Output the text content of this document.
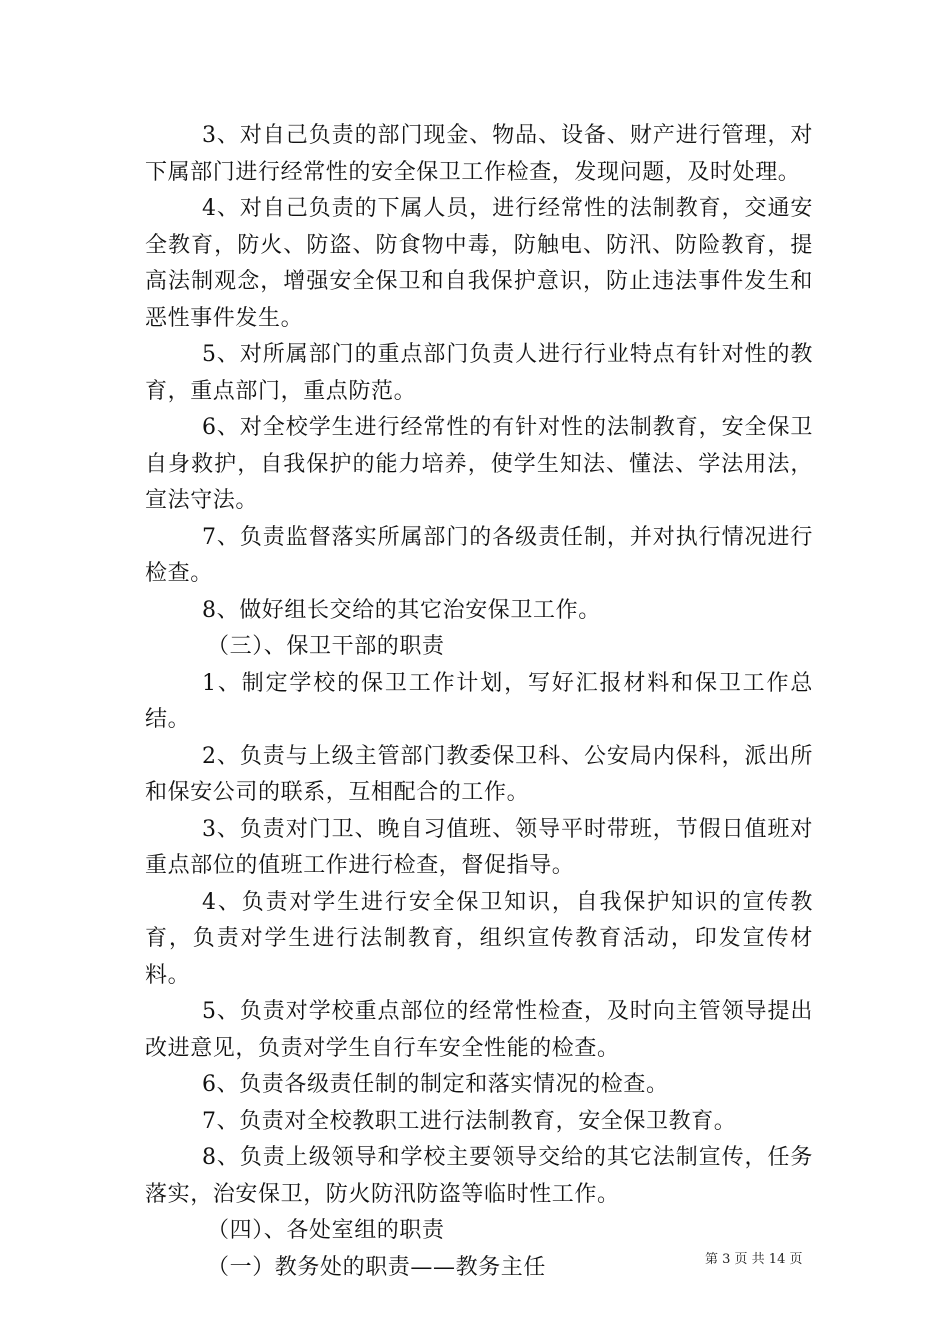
3、对自己负责的部门现金、物品、设备、财产进行管理，对下属部门进行经常性的安全保卫工作检查，发现问题，及时处理。

4、对自己负责的下属人员，进行经常性的法制教育，交通安全教育，防火、防盗、防食物中毒，防触电、防汛、防险教育，提高法制观念，增强安全保卫和自我保护意识，防止违法事件发生和恶性事件发生。

5、对所属部门的重点部门负责人进行行业特点有针对性的教育，重点部门，重点防范。

6、对全校学生进行经常性的有针对性的法制教育，安全保卫自身救护，自我保护的能力培养，使学生知法、懂法、学法用法，宣法守法。

7、负责监督落实所属部门的各级责任制，并对执行情况进行检查。

8、做好组长交给的其它治安保卫工作。

（三）、保卫干部的职责

1、制定学校的保卫工作计划，写好汇报材料和保卫工作总结。

2、负责与上级主管部门教委保卫科、公安局内保科，派出所和保安公司的联系，互相配合的工作。

3、负责对门卫、晚自习值班、领导平时带班，节假日值班对重点部位的值班工作进行检查，督促指导。

4、负责对学生进行安全保卫知识，自我保护知识的宣传教育，负责对学生进行法制教育，组织宣传教育活动，印发宣传材料。

5、负责对学校重点部位的经常性检查，及时向主管领导提出改进意见，负责对学生自行车安全性能的检查。

6、负责各级责任制的制定和落实情况的检查。

7、负责对全校教职工进行法制教育，安全保卫教育。

8、负责上级领导和学校主要领导交给的其它法制宣传，任务落实，治安保卫，防火防汛防盗等临时性工作。

（四）、各处室组的职责

（一）教务处的职责——教务主任	第 3 页 共 14 页
